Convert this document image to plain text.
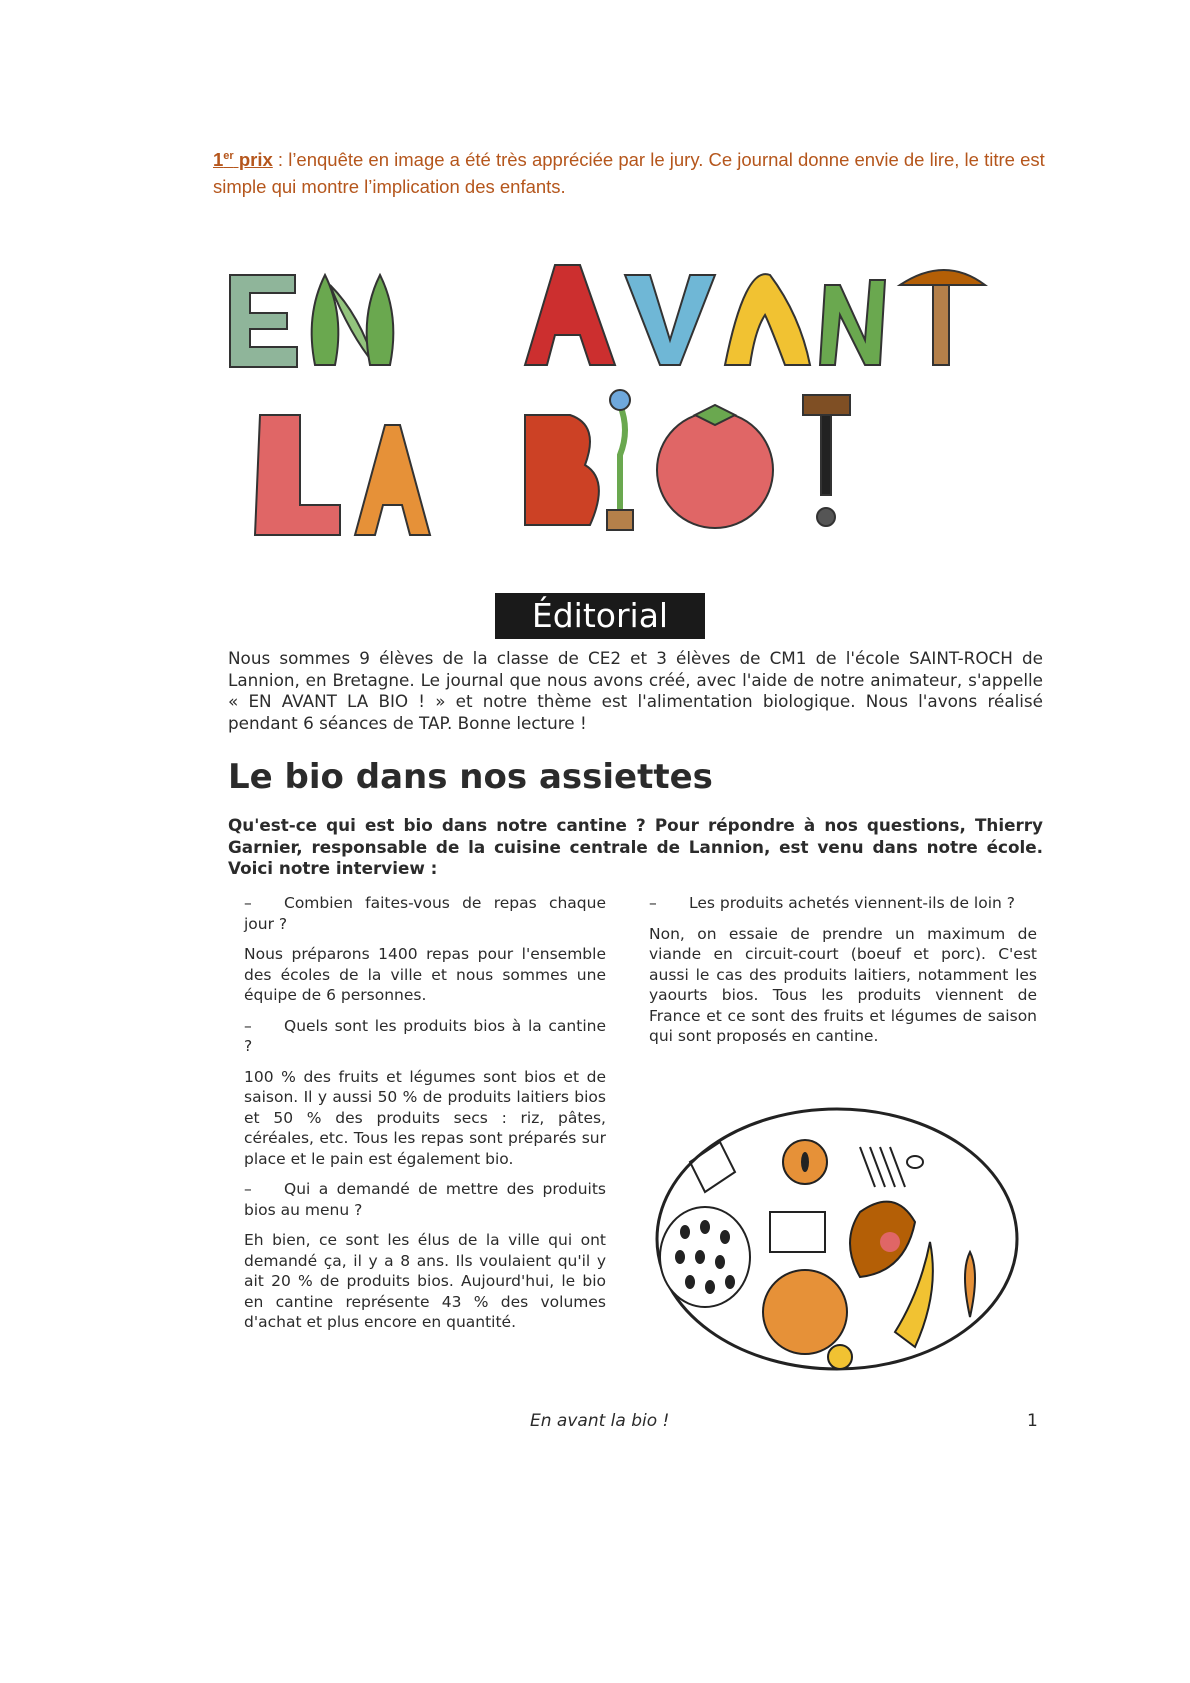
1er prix : l’enquête en image a été très appréciée par le jury. Ce journal donne envie de lire, le titre est simple qui montre l’implication des enfants.
Éditorial
Nous sommes 9 élèves de la classe de CE2 et 3 élèves de CM1 de l'école SAINT-ROCH de Lannion, en Bretagne. Le journal que nous avons créé, avec l'aide de notre animateur, s'appelle « EN AVANT LA BIO ! » et notre thème est l'alimentation biologique. Nous l'avons réalisé pendant 6 séances de TAP. Bonne lecture !
Le bio dans nos assiettes
Qu'est-ce qui est bio dans notre cantine ? Pour répondre à nos questions, Thierry Garnier, responsable de la cuisine centrale de Lannion, est venu dans notre école. Voici notre interview :

– Combien faites-vous de repas chaque jour ?

Nous préparons 1400 repas pour l'ensemble des écoles de la ville et nous sommes une équipe de 6 personnes.

– Quels sont les produits bios à la cantine ?

100 % des fruits et légumes sont bios et de saison. Il y aussi 50 % de produits laitiers bios et 50 % des produits secs : riz, pâtes, céréales, etc. Tous les repas sont préparés sur place et le pain est également bio.

– Qui a demandé de mettre des produits bios au menu ?

Eh bien, ce sont les élus de la ville qui ont demandé ça, il y a 8 ans. Ils voulaient qu'il y ait 20 % de produits bios. Aujourd'hui, le bio en cantine représente 43 % des volumes d'achat et plus encore en quantité.

– Les produits achetés viennent-ils de loin ?

Non, on essaie de prendre un maximum de viande en circuit-court (boeuf et porc). C'est aussi le cas des produits laitiers, notamment les yaourts bios. Tous les produits viennent de France et ce sont des fruits et légumes de saison qui sont proposés en cantine.

En avant la bio !	1
